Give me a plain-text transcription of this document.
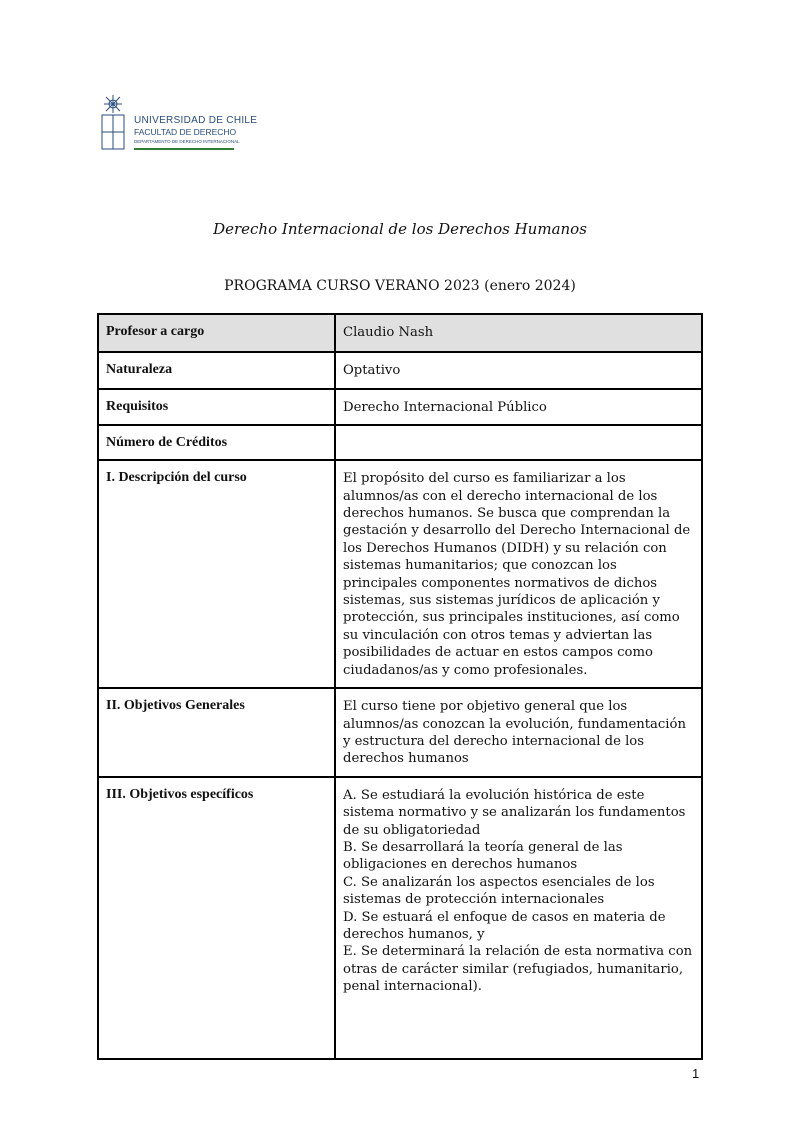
UNIVERSIDAD DE CHILE
FACULTAD DE DERECHO
DEPARTAMENTO DE DERECHO INTERNACIONAL
Derecho Internacional de los Derechos Humanos
PROGRAMA CURSO VERANO 2023 (enero 2024)
Profesor a cargo	Claudio Nash
Naturaleza	Optativo
Requisitos	Derecho Internacional Público
Número de Créditos	
I. Descripción del curso	El propósito del curso es familiarizar a los alumnos/as con el derecho internacional de los derechos humanos. Se busca que comprendan la gestación y desarrollo del Derecho Internacional de los Derechos Humanos (DIDH) y su relación con sistemas humanitarios; que conozcan los principales componentes normativos de dichos sistemas, sus sistemas jurídicos de aplicación y protección, sus principales instituciones, así como su vinculación con otros temas y adviertan las posibilidades de actuar en estos campos como ciudadanos/as y como profesionales.
II. Objetivos Generales	El curso tiene por objetivo general que los alumnos/as conozcan la evolución, fundamentación y estructura del derecho internacional de los derechos humanos
III. Objetivos específicos	A. Se estudiará la evolución histórica de este sistema normativo y se analizarán los fundamentos de su obligatoriedad
B. Se desarrollará la teoría general de las obligaciones en derechos humanos
C. Se analizarán los aspectos esenciales de los sistemas de protección internacionales
D. Se estuará el enfoque de casos en materia de derechos humanos, y
E. Se determinará la relación de esta normativa con otras de carácter similar (refugiados, humanitario, penal internacional).
1
